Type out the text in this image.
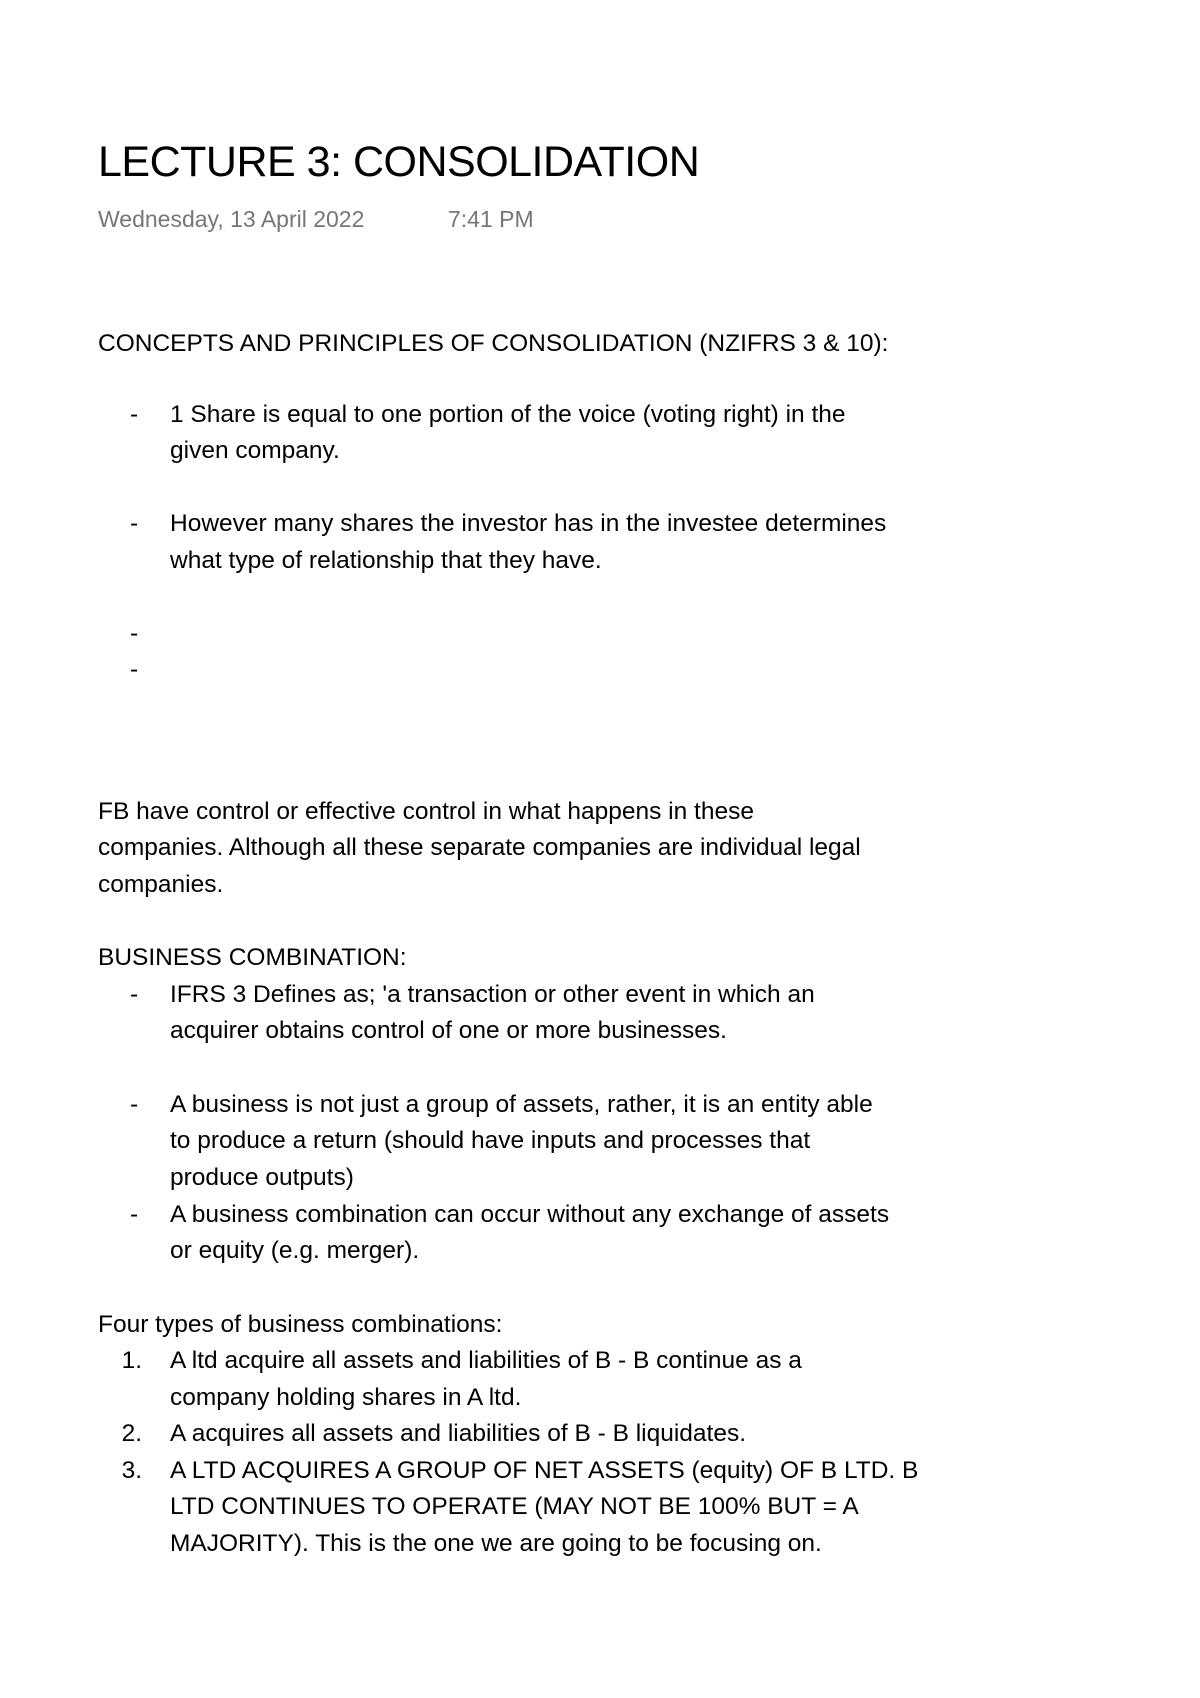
LECTURE 3: CONSOLIDATION
Wednesday, 13 April 2022	7:41 PM
CONCEPTS AND PRINCIPLES OF CONSOLIDATION (NZIFRS 3 & 10):
- 1 Share is equal to one portion of the voice (voting right) in the
given company.
- However many shares the investor has in the investee determines
what type of relationship that they have.
-
-
FB have control or effective control in what happens in these
companies. Although all these separate companies are individual legal
companies.
BUSINESS COMBINATION:
- IFRS 3 Defines as; 'a transaction or other event in which an
acquirer obtains control of one or more businesses.
- A business is not just a group of assets, rather, it is an entity able
to produce a return (should have inputs and processes that
produce outputs)
- A business combination can occur without any exchange of assets
or equity (e.g. merger).
Four types of business combinations:
1. A ltd acquire all assets and liabilities of B - B continue as a
company holding shares in A ltd.
2. A acquires all assets and liabilities of B - B liquidates.
3. A LTD ACQUIRES A GROUP OF NET ASSETS (equity) OF B LTD. B
LTD CONTINUES TO OPERATE (MAY NOT BE 100% BUT = A
MAJORITY). This is the one we are going to be focusing on.
